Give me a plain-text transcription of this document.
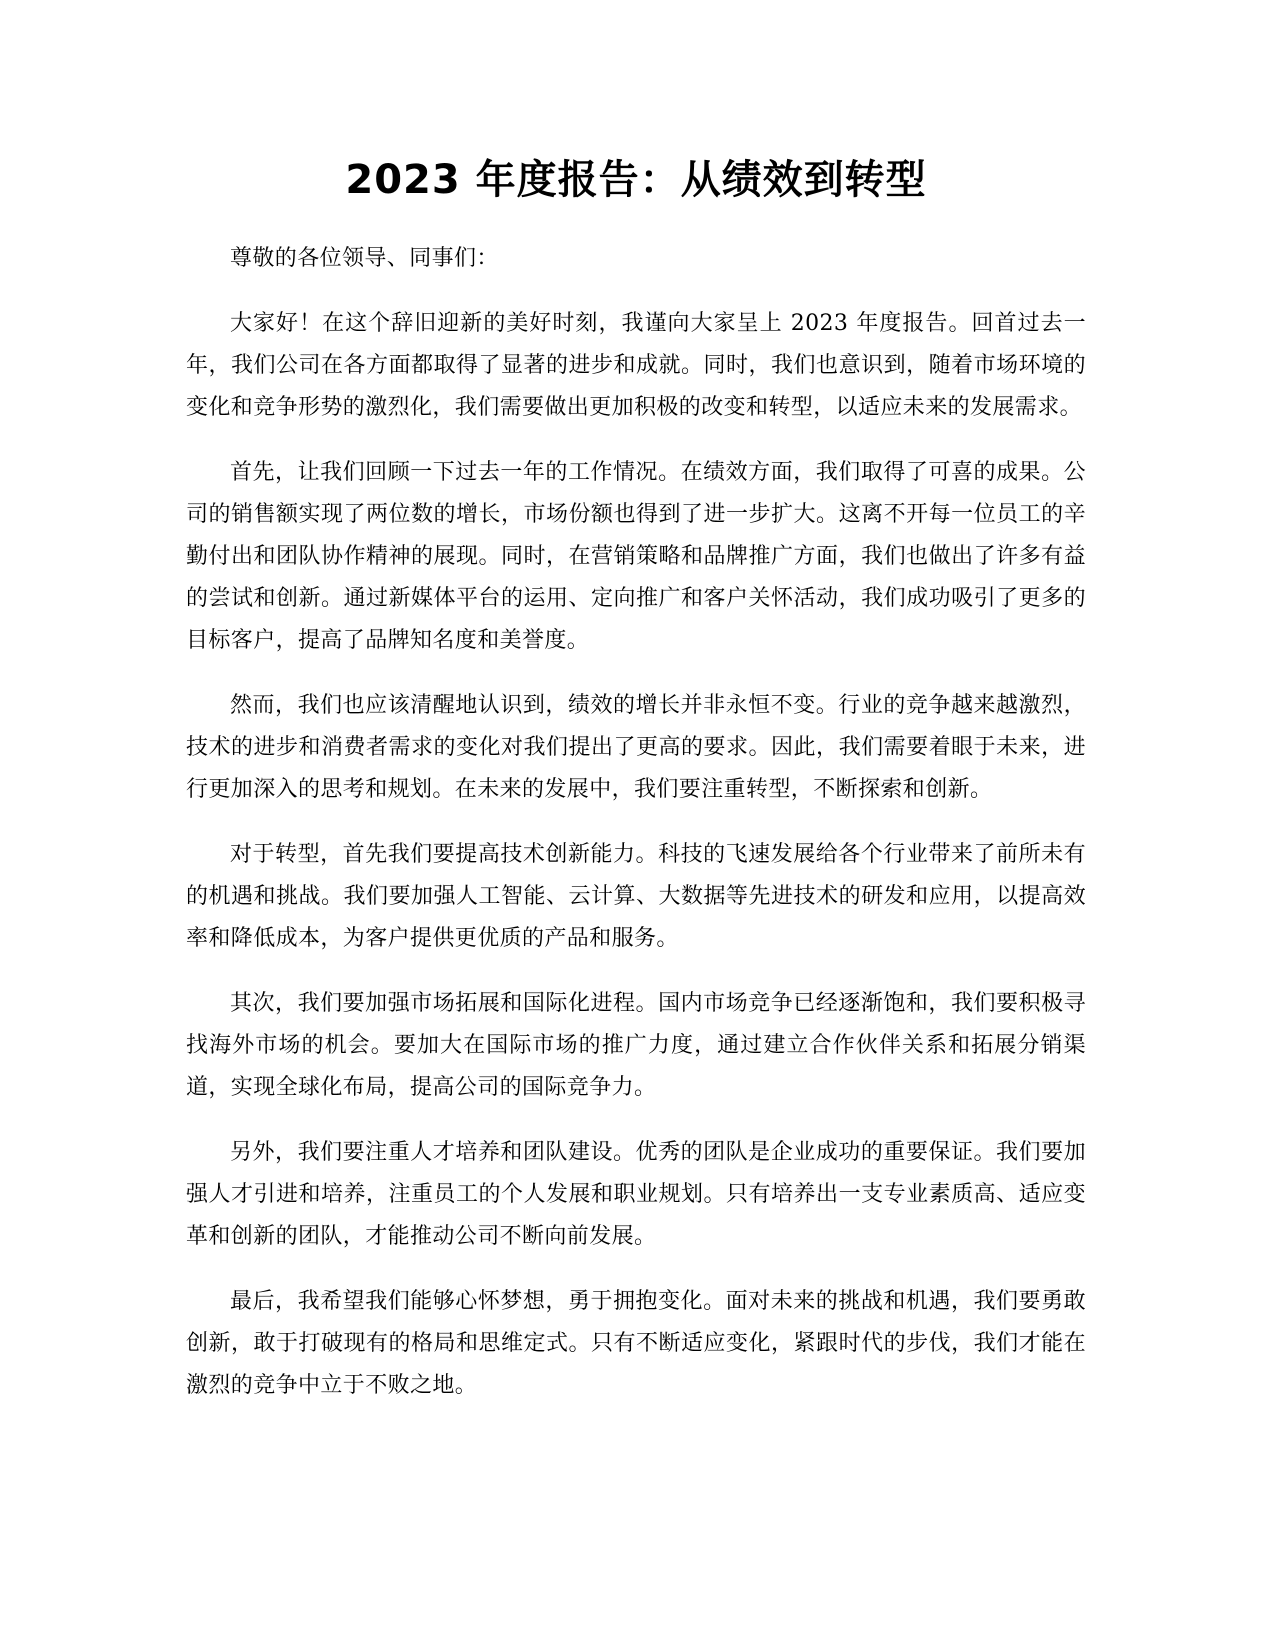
2023 年度报告：从绩效到转型

尊敬的各位领导、同事们：

大家好！在这个辞旧迎新的美好时刻，我谨向大家呈上 2023 年度报告。回首过去一年，我们公司在各方面都取得了显著的进步和成就。同时，我们也意识到，随着市场环境的变化和竞争形势的激烈化，我们需要做出更加积极的改变和转型，以适应未来的发展需求。

首先，让我们回顾一下过去一年的工作情况。在绩效方面，我们取得了可喜的成果。公司的销售额实现了两位数的增长，市场份额也得到了进一步扩大。这离不开每一位员工的辛勤付出和团队协作精神的展现。同时，在营销策略和品牌推广方面，我们也做出了许多有益的尝试和创新。通过新媒体平台的运用、定向推广和客户关怀活动，我们成功吸引了更多的目标客户，提高了品牌知名度和美誉度。

然而，我们也应该清醒地认识到，绩效的增长并非永恒不变。行业的竞争越来越激烈，技术的进步和消费者需求的变化对我们提出了更高的要求。因此，我们需要着眼于未来，进行更加深入的思考和规划。在未来的发展中，我们要注重转型，不断探索和创新。

对于转型，首先我们要提高技术创新能力。科技的飞速发展给各个行业带来了前所未有的机遇和挑战。我们要加强人工智能、云计算、大数据等先进技术的研发和应用，以提高效率和降低成本，为客户提供更优质的产品和服务。

其次，我们要加强市场拓展和国际化进程。国内市场竞争已经逐渐饱和，我们要积极寻找海外市场的机会。要加大在国际市场的推广力度，通过建立合作伙伴关系和拓展分销渠道，实现全球化布局，提高公司的国际竞争力。

另外，我们要注重人才培养和团队建设。优秀的团队是企业成功的重要保证。我们要加强人才引进和培养，注重员工的个人发展和职业规划。只有培养出一支专业素质高、适应变革和创新的团队，才能推动公司不断向前发展。

最后，我希望我们能够心怀梦想，勇于拥抱变化。面对未来的挑战和机遇，我们要勇敢创新，敢于打破现有的格局和思维定式。只有不断适应变化，紧跟时代的步伐，我们才能在激烈的竞争中立于不败之地。
